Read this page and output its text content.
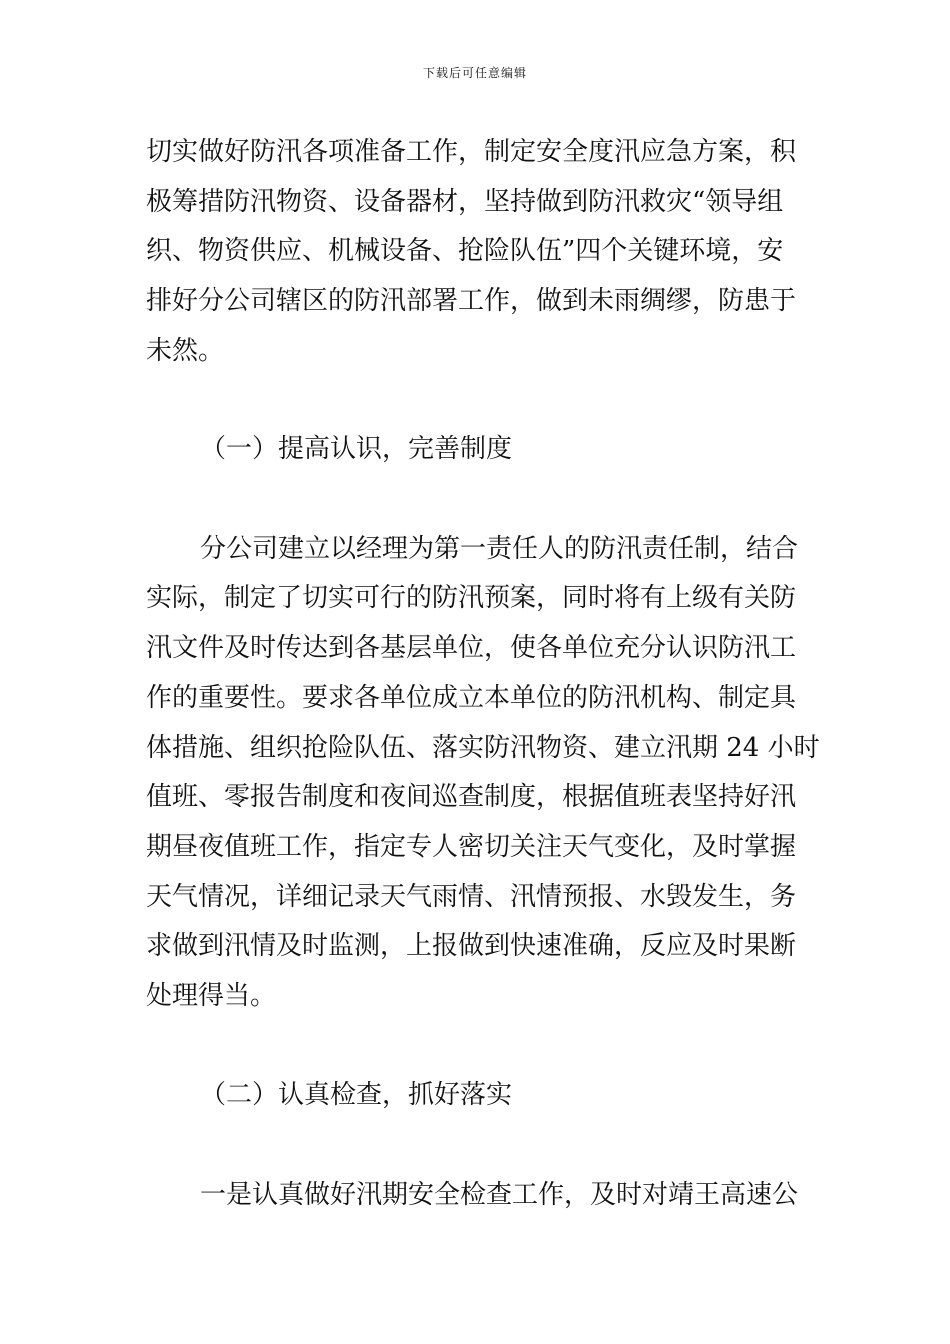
下载后可任意编辑
切实做好防汛各项准备工作，制定安全度汛应急方案，积
极筹措防汛物资、设备器材，坚持做到防汛救灾“领导组
织、物资供应、机械设备、抢险队伍”四个关键环境，安
排好分公司辖区的防汛部署工作，做到未雨绸缪，防患于
未然。
（一）提高认识，完善制度
分公司建立以经理为第一责任人的防汛责任制，结合
实际，制定了切实可行的防汛预案，同时将有上级有关防
汛文件及时传达到各基层单位，使各单位充分认识防汛工
作的重要性。要求各单位成立本单位的防汛机构、制定具
体措施、组织抢险队伍、落实防汛物资、建立汛期 24 小时
值班、零报告制度和夜间巡查制度，根据值班表坚持好汛
期昼夜值班工作，指定专人密切关注天气变化，及时掌握
天气情况，详细记录天气雨情、汛情预报、水毁发生，务
求做到汛情及时监测，上报做到快速准确，反应及时果断
处理得当。
（二）认真检查，抓好落实
一是认真做好汛期安全检查工作，及时对靖王高速公
